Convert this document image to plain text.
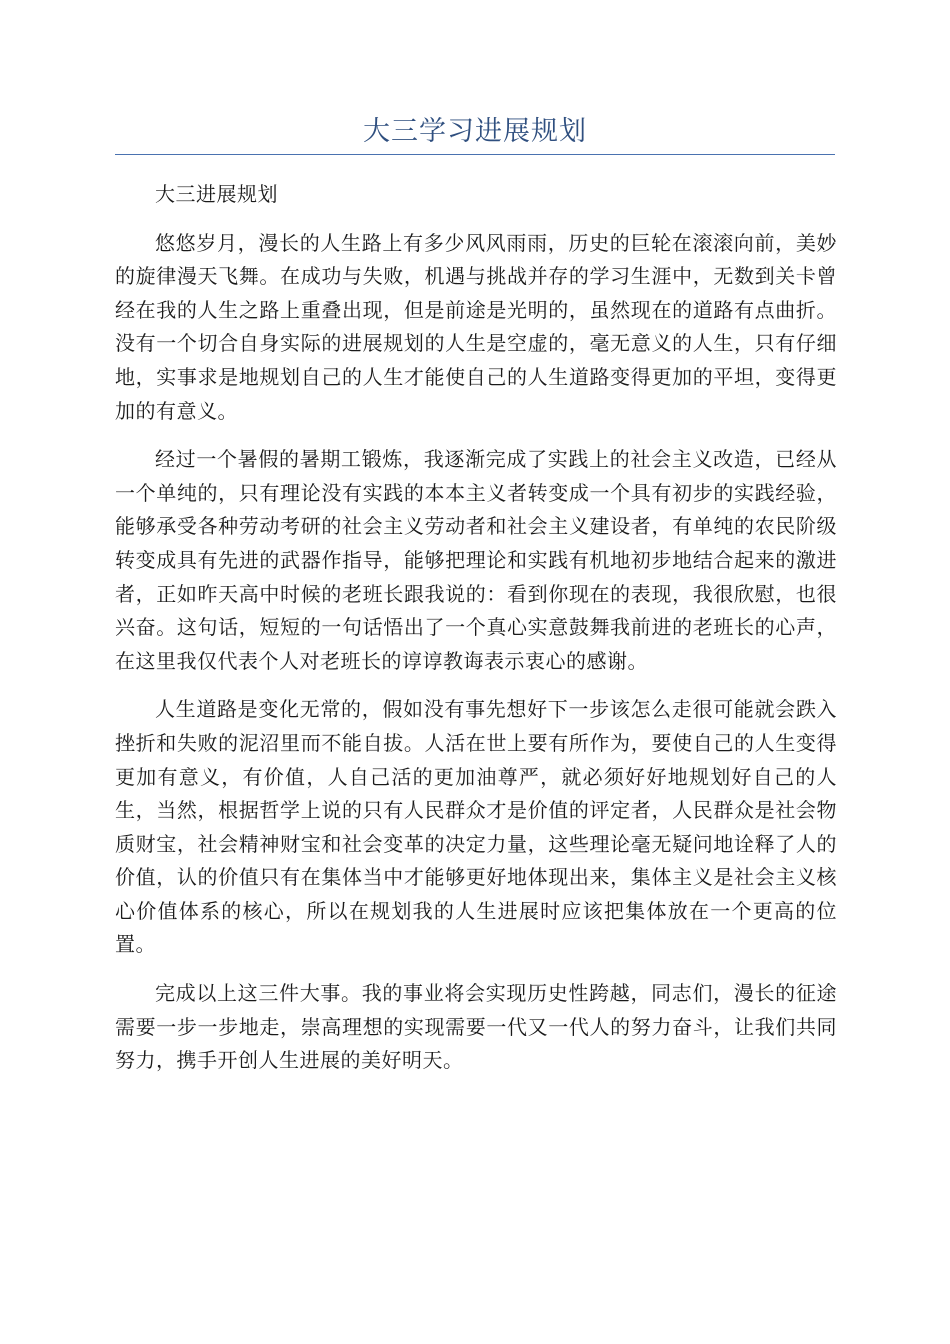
大三学习进展规划

大三进展规划

悠悠岁月，漫长的人生路上有多少风风雨雨，历史的巨轮在滚滚向前，美妙的旋律漫天飞舞。在成功与失败，机遇与挑战并存的学习生涯中，无数到关卡曾经在我的人生之路上重叠出现，但是前途是光明的，虽然现在的道路有点曲折。没有一个切合自身实际的进展规划的人生是空虚的，毫无意义的人生，只有仔细地，实事求是地规划自己的人生才能使自己的人生道路变得更加的平坦，变得更加的有意义。

经过一个暑假的暑期工锻炼，我逐渐完成了实践上的社会主义改造，已经从一个单纯的，只有理论没有实践的本本主义者转变成一个具有初步的实践经验，能够承受各种劳动考研的社会主义劳动者和社会主义建设者，有单纯的农民阶级转变成具有先进的武器作指导，能够把理论和实践有机地初步地结合起来的激进者，正如昨天高中时候的老班长跟我说的：看到你现在的表现，我很欣慰，也很兴奋。这句话，短短的一句话悟出了一个真心实意鼓舞我前进的老班长的心声，在这里我仅代表个人对老班长的谆谆教诲表示衷心的感谢。

人生道路是变化无常的，假如没有事先想好下一步该怎么走很可能就会跌入挫折和失败的泥沼里而不能自拔。人活在世上要有所作为，要使自己的人生变得更加有意义，有价值，人自己活的更加油尊严，就必须好好地规划好自己的人生，当然，根据哲学上说的只有人民群众才是价值的评定者，人民群众是社会物质财宝，社会精神财宝和社会变革的决定力量，这些理论毫无疑问地诠释了人的价值，认的价值只有在集体当中才能够更好地体现出来，集体主义是社会主义核心价值体系的核心，所以在规划我的人生进展时应该把集体放在一个更高的位置。

完成以上这三件大事。我的事业将会实现历史性跨越，同志们，漫长的征途需要一步一步地走，崇高理想的实现需要一代又一代人的努力奋斗，让我们共同努力，携手开创人生进展的美好明天。
